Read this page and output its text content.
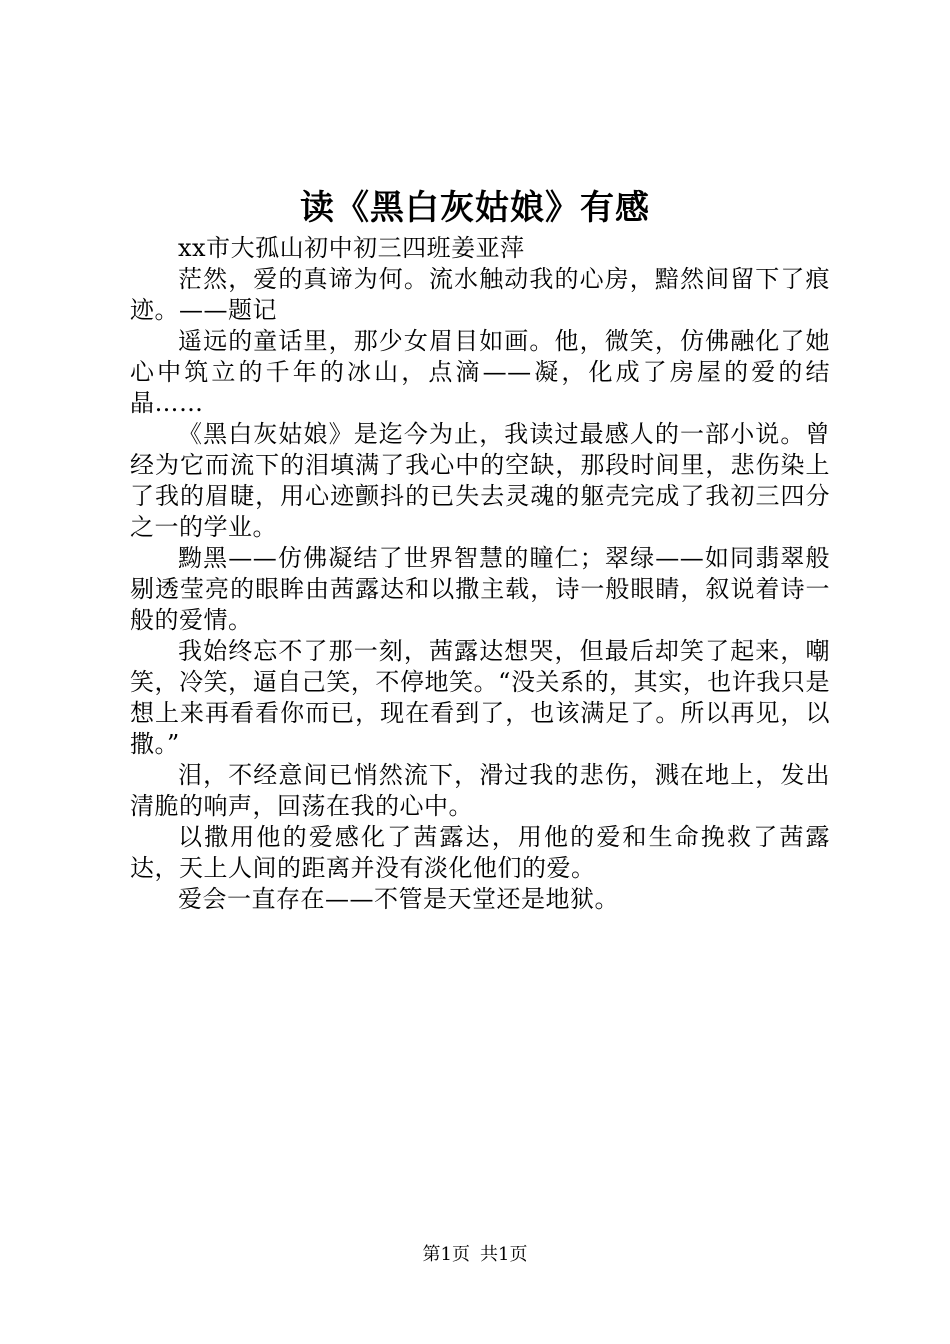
读《黑白灰姑娘》有感

xx市大孤山初中初三四班姜亚萍

茫然，爱的真谛为何。流水触动我的心房，黯然间留下了痕迹。——题记

遥远的童话里，那少女眉目如画。他，微笑，仿佛融化了她心中筑立的千年的冰山，点滴——凝，化成了房屋的爱的结晶……

《黑白灰姑娘》是迄今为止，我读过最感人的一部小说。曾经为它而流下的泪填满了我心中的空缺，那段时间里，悲伤染上了我的眉睫，用心迹颤抖的已失去灵魂的躯壳完成了我初三四分之一的学业。

黝黑——仿佛凝结了世界智慧的瞳仁；翠绿——如同翡翠般剔透莹亮的眼眸由茜露达和以撒主载，诗一般眼睛，叙说着诗一般的爱情。

我始终忘不了那一刻，茜露达想哭，但最后却笑了起来，嘲笑，冷笑，逼自己笑，不停地笑。“没关系的，其实，也许我只是想上来再看看你而已，现在看到了，也该满足了。所以再见，以撒。”

泪，不经意间已悄然流下，滑过我的悲伤，溅在地上，发出清脆的响声，回荡在我的心中。

以撒用他的爱感化了茜露达，用他的爱和生命挽救了茜露达，天上人间的距离并没有淡化他们的爱。

爱会一直存在——不管是天堂还是地狱。

第1页 共1页
